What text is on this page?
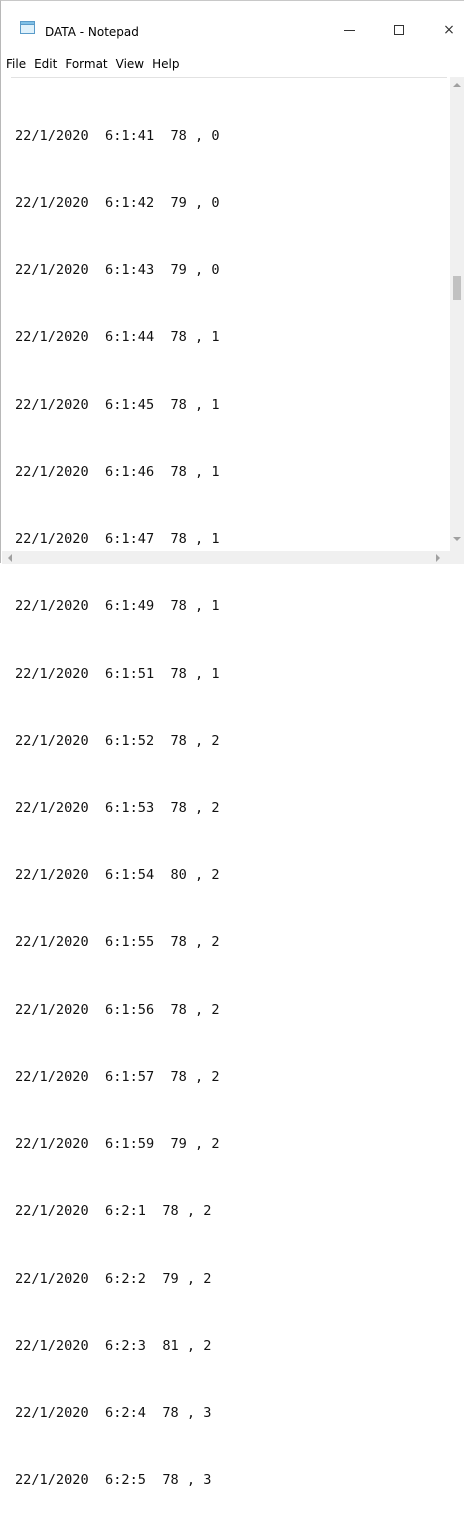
DATA - Notepad	×
File Edit Format View Help

22/1/2020  6:1:41  78 , 0

22/1/2020  6:1:42  79 , 0

22/1/2020  6:1:43  79 , 0

22/1/2020  6:1:44  78 , 1

22/1/2020  6:1:45  78 , 1

22/1/2020  6:1:46  78 , 1

22/1/2020  6:1:47  78 , 1

22/1/2020  6:1:49  78 , 1

22/1/2020  6:1:51  78 , 1

22/1/2020  6:1:52  78 , 2

22/1/2020  6:1:53  78 , 2

22/1/2020  6:1:54  80 , 2

22/1/2020  6:1:55  78 , 2

22/1/2020  6:1:56  78 , 2

22/1/2020  6:1:57  78 , 2

22/1/2020  6:1:59  79 , 2

22/1/2020  6:2:1  78 , 2

22/1/2020  6:2:2  79 , 2

22/1/2020  6:2:3  81 , 2

22/1/2020  6:2:4  78 , 3

22/1/2020  6:2:5  78 , 3
